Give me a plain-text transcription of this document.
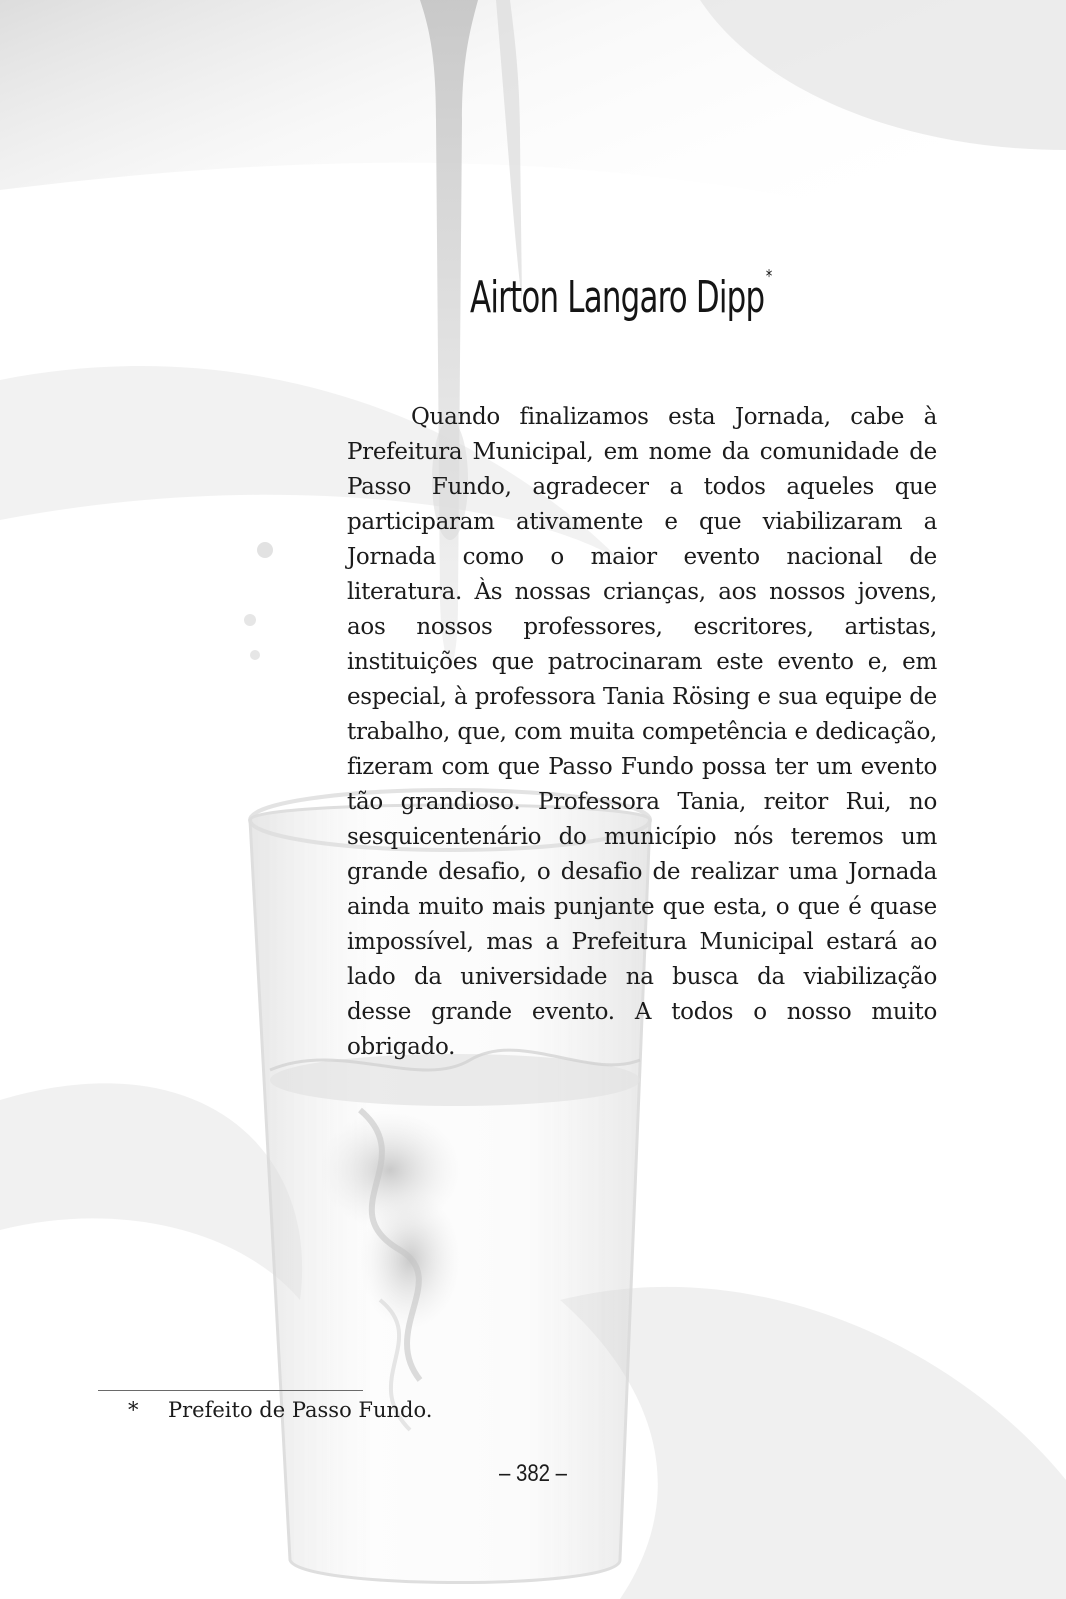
Airton Langaro Dipp*

Quando finalizamos esta Jornada, cabe à Prefeitura Municipal, em nome da comunidade de Passo Fundo, agradecer a todos aqueles que participaram ativamente e que viabilizaram a Jornada como o maior evento nacional de literatura. Às nossas crianças, aos nossos jovens, aos nossos professores, escritores, artistas, instituições que patrocinaram este evento e, em especial, à professora Tania Rösing e sua equipe de trabalho, que, com muita competência e dedicação, fizeram com que Passo Fundo possa ter um evento tão grandioso. Professora Tania, reitor Rui, no sesquicentenário do município nós teremos um grande desafio, o desafio de realizar uma Jornada ainda muito mais punjante que esta, o que é quase impossível, mas a Prefeitura Municipal estará ao lado da universidade na busca da viabilização desse grande evento. A todos o nosso muito obrigado.

* Prefeito de Passo Fundo.
– 382 –
